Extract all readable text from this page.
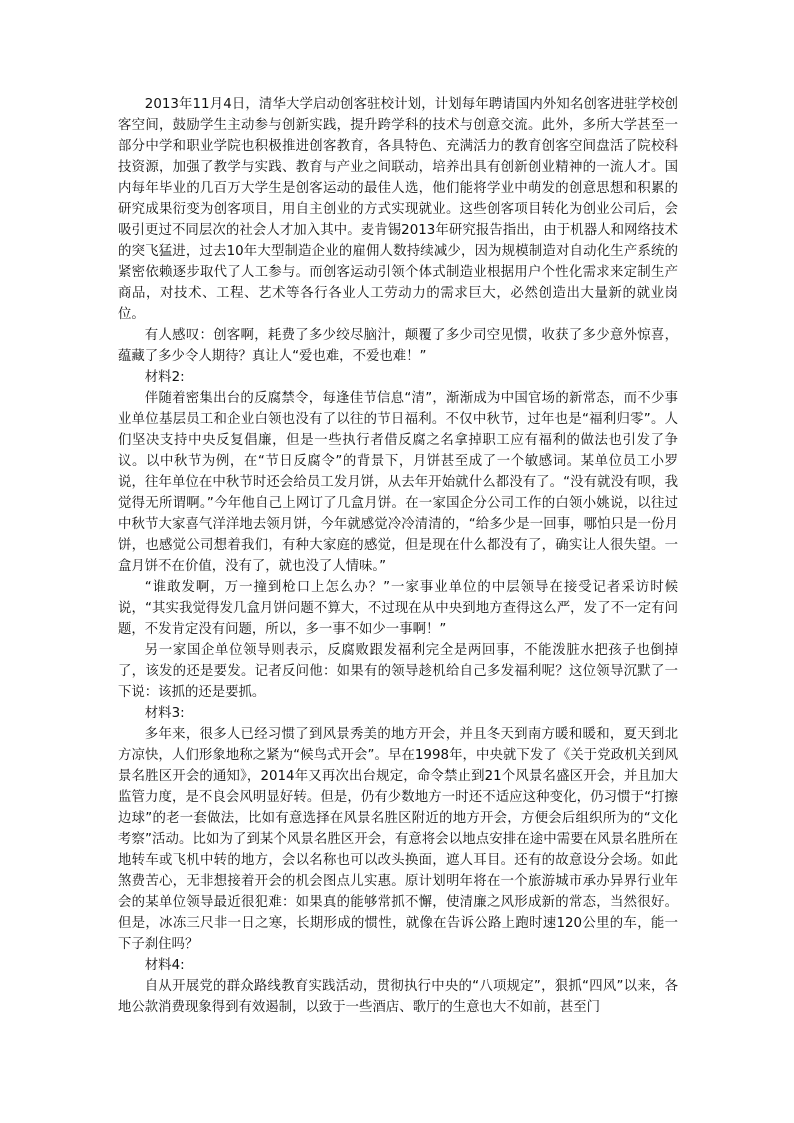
2013年11月4日，清华大学启动创客驻校计划，计划每年聘请国内外知名创客进驻学校创客空间，鼓励学生主动参与创新实践，提升跨学科的技术与创意交流。此外，多所大学甚至一部分中学和职业学院也积极推进创客教育，各具特色、充满活力的教育创客空间盘活了院校科技资源，加强了教学与实践、教育与产业之间联动，培养出具有创新创业精神的一流人才。国内每年毕业的几百万大学生是创客运动的最佳人选，他们能将学业中萌发的创意思想和积累的研究成果衍变为创客项目，用自主创业的方式实现就业。这些创客项目转化为创业公司后，会吸引更过不同层次的社会人才加入其中。麦肯锡2013年研究报告指出，由于机器人和网络技术的突飞猛进，过去10年大型制造企业的雇佣人数持续减少，因为规模制造对自动化生产系统的紧密依赖逐步取代了人工参与。而创客运动引领个体式制造业根据用户个性化需求来定制生产商品，对技术、工程、艺术等各行各业人工劳动力的需求巨大，必然创造出大量新的就业岗位。

有人感叹：创客啊，耗费了多少绞尽脑汁，颠覆了多少司空见惯，收获了多少意外惊喜，蕴藏了多少令人期待？真让人“爱也难，不爱也难！”

材料2:

伴随着密集出台的反腐禁令，每逢佳节信息“清”，渐渐成为中国官场的新常态，而不少事业单位基层员工和企业白领也没有了以往的节日福利。不仅中秋节，过年也是“福利归零”。人们坚决支持中央反复倡廉，但是一些执行者借反腐之名拿掉职工应有福利的做法也引发了争议。以中秋节为例，在“节日反腐令”的背景下，月饼甚至成了一个敏感词。某单位员工小罗说，往年单位在中秋节时还会给员工发月饼，从去年开始就什么都没有了。“没有就没有呗，我觉得无所谓啊。”今年他自己上网订了几盒月饼。在一家国企分公司工作的白领小姚说，以往过中秋节大家喜气洋洋地去领月饼，今年就感觉冷冷清清的，“给多少是一回事，哪怕只是一份月饼，也感觉公司想着我们，有种大家庭的感觉，但是现在什么都没有了，确实让人很失望。一盒月饼不在价值，没有了，就也没了人情味。”

“谁敢发啊，万一撞到枪口上怎么办？”一家事业单位的中层领导在接受记者采访时候说，“其实我觉得发几盒月饼问题不算大，不过现在从中央到地方查得这么严，发了不一定有问题，不发肯定没有问题，所以，多一事不如少一事啊！”

另一家国企单位领导则表示，反腐败跟发福利完全是两回事，不能泼脏水把孩子也倒掉了，该发的还是要发。记者反问他：如果有的领导趁机给自己多发福利呢？这位领导沉默了一下说：该抓的还是要抓。

材料3:

多年来，很多人已经习惯了到风景秀美的地方开会，并且冬天到南方暖和暖和，夏天到北方凉快，人们形象地称之紧为“候鸟式开会”。早在1998年，中央就下发了《关于党政机关到风景名胜区开会的通知》，2014年又再次出台规定，命令禁止到21个风景名盛区开会，并且加大监管力度，是不良会风明显好转。但是，仍有少数地方一时还不适应这种变化，仍习惯于“打擦边球”的老一套做法，比如有意选择在风景名胜区附近的地方开会，方便会后组织所为的“文化考察”活动。比如为了到某个风景名胜区开会，有意将会以地点安排在途中需要在风景名胜所在地转车或飞机中转的地方，会以名称也可以改头换面，遮人耳目。还有的故意设分会场。如此煞费苦心，无非想接着开会的机会图点儿实惠。原计划明年将在一个旅游城市承办异界行业年会的某单位领导最近很犯难：如果真的能够常抓不懈，使清廉之风形成新的常态，当然很好。但是，冰冻三尺非一日之寒，长期形成的惯性，就像在告诉公路上跑时速120公里的车，能一下子刹住吗？

材料4:

自从开展党的群众路线教育实践活动，贯彻执行中央的“八项规定”，狠抓“四风”以来，各地公款消费现象得到有效遏制，以致于一些酒店、歌厅的生意也大不如前，甚至门
